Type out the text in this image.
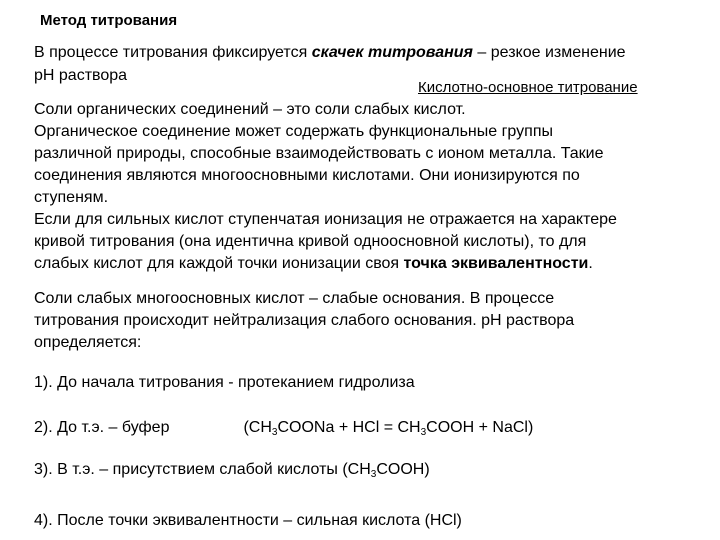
Метод титрования
В процессе титрования фиксируется скачек титрования – резкое изменение рН раствора
Кислотно-основное титрование
Соли органических соединений – это соли слабых кислот.
Органическое соединение может содержать функциональные группы
различной природы, способные взаимодействовать с ионом металла. Такие
соединения являются многоосновными кислотами. Они ионизируются по
ступеням.
Если для сильных кислот ступенчатая ионизация не отражается на характере
кривой титрования (она идентична кривой одноосновной кислоты), то для
слабых кислот для каждой точки ионизации своя точка эквивалентности.
Соли слабых многоосновных кислот – слабые основания. В процессе
титрования происходит нейтрализация слабого основания. рН раствора
определяется:
1). До начала титрования - протеканием гидролиза
2). До т.э. – буфер	($CH_3COONa$ + HCl = $CH_3COOH$ + NaCl)
3). В т.э. – присутствием слабой кислоты $(CH_3COOH)$
4). После точки эквивалентности – сильная кислота (HCl)
